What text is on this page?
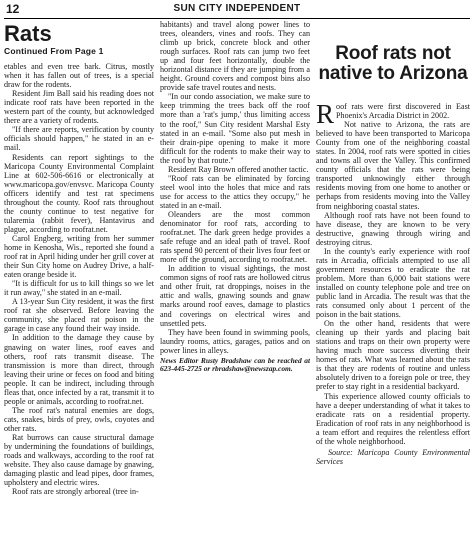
12	SUN CITY INDEPENDENT
Rats
Continued From Page 1

etables and even tree bark. Citrus, mostly when it has fallen out of trees, is a special draw for the rodents.

Resident Jim Ball said his reading does not indicate roof rats have been reported in the western part of the county, but acknowledged there are a variety of rodents.

"If there are reports, verification by county officials should happen," he stated in an e-mail.

Residents can report sightings to the Maricopa County Environmental Complaint Line at 602-506-6616 or electronically at www.maricopa.gov/envsvc. Maricopa County officers identify and test rat specimens throughout the county. Roof rats throughout the county continue to test negative for tularemia (rabbit fever), Hantavirus and plague, according to roofrat.net.

Carol Engberg, writing from her summer home in Kenosha, Wis., reported she found a roof rat in April hiding under her grill cover at their Sun City home on Audrey Drive, a half-eaten orange beside it.

"It is difficult for us to kill things so we let it run away," she stated in an e-mail.

A 13-year Sun City resident, it was the first roof rat she observed. Before leaving the community, she placed rat poison in the garage in case any found their way inside.

In addition to the damage they cause by gnawing on water lines, roof eaves and others, roof rats transmit disease. The transmission is more than direct, through leaving their urine or feces on food and biting people. It can be indirect, including through fleas that, once infected by a rat, transmit it to people or animals, according to roofrat.net.

The roof rat's natural enemies are dogs, cats, snakes, birds of prey, owls, coyotes and other rats.

Rat burrows can cause structural damage by undermining the foundations of buildings, roads and walkways, according to the roof rat website. They also cause damage by gnawing, damaging plastic and lead pipes, door frames, upholstery and electric wires.

Roof rats are strongly arboreal (tree in-

habitants) and travel along power lines to trees, oleanders, vines and roofs. They can climb up brick, concrete block and other rough surfaces. Roof rats can jump two feet up and four feet horizontally, double the horizontal distance if they are jumping from a height. Ground covers and compost bins also provide safe travel routes and nests.

"In our condo association, we make sure to keep trimming the trees back off the roof more than a 'rat's jump,' thus limiting access to the roof," Sun City resident Marshal Esty stated in an e-mail. "Some also put mesh in their drain-pipe opening to make it more difficult for the rodents to make their way to the roof by that route."

Resident Ray Brown offered another tactic.

"Roof rats can be eliminated by forcing steel wool into the holes that mice and rats use for access to the attics they occupy," he stated in an e-mail.

Oleanders are the most common denominator for roof rats, according to roofrat.net. The dark green hedge provides a safe refuge and an ideal path of travel. Roof rats spend 90 percent of their lives four feet or more off the ground, according to roofrat.net.

In addition to visual sightings, the most common signs of roof rats are hollowed citrus and other fruit, rat droppings, noises in the attic and walls, gnawing sounds and gnaw marks around roof eaves, damage to plastics and coverings on electrical wires and unsettled pets.

They have been found in swimming pools, laundry rooms, attics, garages, patios and on power lines in alleys.

News Editor Rusty Bradshaw can be reached at 623-445-2725 or rbradshaw@newszap.com.

Roof rats not
native to Arizona

Roof rats were first discovered in East Phoenix's Arcadia District in 2002.

Not native to Arizona, the rats are believed to have been transported to Maricopa County from one of the neighboring coastal states. In 2004, roof rats were spotted in cities and towns all over the Valley. This confirmed county officials that the rats were being transported unknowingly either through residents moving from one home to another or perhaps from residents moving into the Valley from neighboring coastal states.

Although roof rats have not been found to have disease, they are known to be very destructive, gnawing through wiring and destroying citrus.

In the county's early experience with roof rats in Arcadia, officials attempted to use all government resources to eradicate the rat problem. More than 6,000 bait stations were installed on county telephone pole and tree on public land in Arcadia. The result was that the rats consumed only about 1 percent of the poison in the bait stations.

On the other hand, residents that were cleaning up their yards and placing bait stations and traps on their own property were having much more success diverting their homes of rats. What was learned about the rats is that they are rodents of routine and unless absolutely driven to a foreign pole or tree, they prefer to stay right in a residential backyard.

This experience allowed county officials to have a deeper understanding of what it takes to eradicate rats on a residential property. Eradication of roof rats in any neighborhood is a team effort and requires the relentless effort of the whole neighborhood.

Source: Maricopa County Environmental Services
